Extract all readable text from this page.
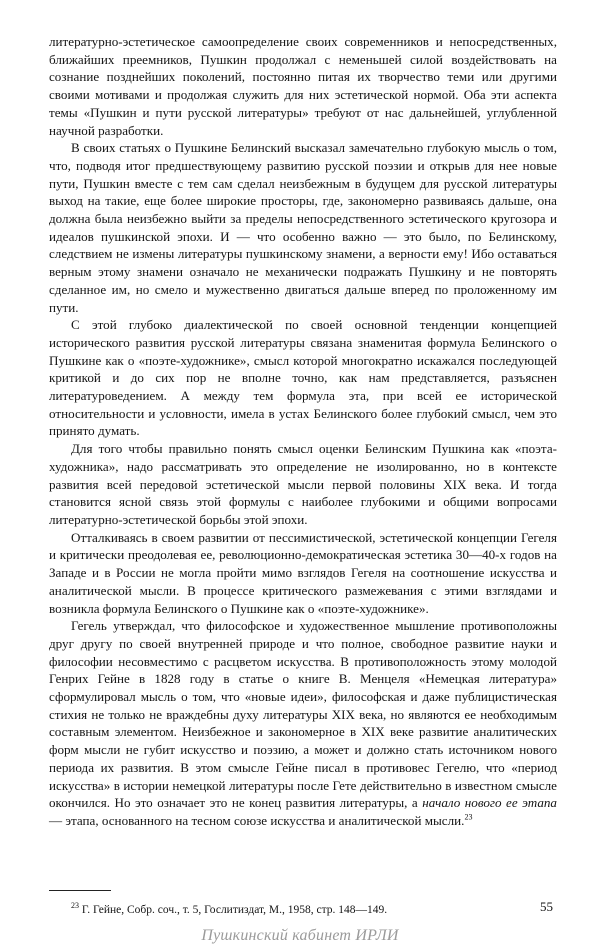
литературно-эстетическое самоопределение своих современников и непосредственных, ближайших преемников, Пушкин продолжал с неменьшей силой воздействовать на сознание позднейших поколений, постоянно питая их творчество теми или другими своими мотивами и продолжая служить для них эстетической нормой. Оба эти аспекта темы «Пушкин и пути русской литературы» требуют от нас дальнейшей, углубленной научной разработки.

В своих статьях о Пушкине Белинский высказал замечательно глубокую мысль о том, что, подводя итог предшествующему развитию русской поэзии и открыв для нее новые пути, Пушкин вместе с тем сам сделал неизбежным в будущем для русской литературы выход на такие, еще более широкие просторы, где, закономерно развиваясь дальше, она должна была неизбежно выйти за пределы непосредственного эстетического кругозора и идеалов пушкинской эпохи. И — что особенно важно — это было, по Белинскому, следствием не измены литературы пушкинскому знамени, а верности ему! Ибо оставаться верным этому знамени означало не механически подражать Пушкину и не повторять сделанное им, но смело и мужественно двигаться дальше вперед по проложенному им пути.

С этой глубоко диалектической по своей основной тенденции концепцией исторического развития русской литературы связана знаменитая формула Белинского о Пушкине как о «поэте-художнике», смысл которой многократно искажался последующей критикой и до сих пор не вполне точно, как нам представляется, разъяснен литературоведением. А между тем формула эта, при всей ее исторической относительности и условности, имела в устах Белинского более глубокий смысл, чем это принято думать.

Для того чтобы правильно понять смысл оценки Белинским Пушкина как «поэта-художника», надо рассматривать это определение не изолированно, но в контексте развития всей передовой эстетической мысли первой половины XIX века. И тогда становится ясной связь этой формулы с наиболее глубокими и общими вопросами литературно-эстетической борьбы этой эпохи.

Отталкиваясь в своем развитии от пессимистической, эстетической концепции Гегеля и критически преодолевая ее, революционно-демократическая эстетика 30—40-х годов на Западе и в России не могла пройти мимо взглядов Гегеля на соотношение искусства и аналитической мысли. В процессе критического размежевания с этими взглядами и возникла формула Белинского о Пушкине как о «поэте-художнике».

Гегель утверждал, что философское и художественное мышление противоположны друг другу по своей внутренней природе и что полное, свободное развитие науки и философии несовместимо с расцветом искусства. В противоположность этому молодой Генрих Гейне в 1828 году в статье о книге В. Менцеля «Немецкая литература» сформулировал мысль о том, что «новые идеи», философская и даже публицистическая стихия не только не враждебны духу литературы XIX века, но являются ее необходимым составным элементом. Неизбежное и закономерное в XIX веке развитие аналитических форм мысли не губит искусство и поэзию, а может и должно стать источником нового периода их развития. В этом смысле Гейне писал в противовес Гегелю, что «период искусства» в истории немецкой литературы после Гете действительно в известном смысле окончился. Но это означает это не конец развития литературы, а начало нового ее этапа — этапа, основанного на тесном союзе искусства и аналитической мысли.$^{23}$

$^{23}$ Г. Гейне, Собр. соч., т. 5, Гослитиздат, М., 1958, стр. 148—149.	55
Пушкинский кабинет ИРЛИ
